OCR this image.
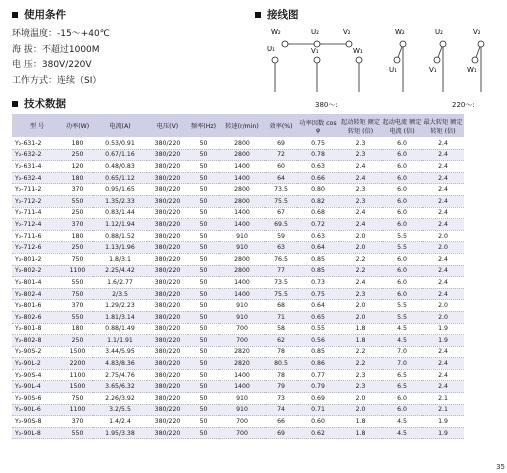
使用条件
环境温度：-15～+40℃
海 拔：不超过1000M
电 压：380V/220V
工作方式：连续（SI）
接线图
W₂	U₂	V₂
U₁	V₁	W₁
W₂	U₂	V₂
U₁	V₁	W₁
380～:	220～:
技术数据
型 号	功率(W)	电流(A)	电压(V)	频率(Hz)	转速(r/min)	效率(%)	功率因数 cos φ	起动转矩 额定转矩 (倍)	起动电流 额定电流 (倍)	最大转矩 额定转矩 (倍)
Y₂-631-2	180	0.53/0.91	380/220	50	2800	69	0.75	2.3	6.0	2.4
Y₂-632-2	250	0.67/1.16	380/220	50	2800	72	0.78	2.3	6.0	2.4
Y₂-631-4	120	0.48/0.83	380/220	50	1400	60	0.63	2.4	6.0	2.4
Y₂-632-4	180	0.65/1.12	380/220	50	1400	64	0.66	2.4	6.0	2.4
Y₂-711-2	370	0.95/1.65	380/220	50	2800	73.5	0.80	2.3	6.0	2.4
Y₂-712-2	550	1.35/2.33	380/220	50	2800	75.5	0.82	2.3	6.0	2.4
Y₂-711-4	250	0.83/1.44	380/220	50	1400	67	0.68	2.4	6.0	2.4
Y₂-712-4	370	1.12/1.94	380/220	50	1400	69.5	0.72	2.4	6.0	2.4
Y₂-711-6	180	0.88/1.52	380/220	50	910	59	0.63	2.0	5.5	2.0
Y₂-712-6	250	1.13/1.96	380/220	50	910	63	0.64	2.0	5.5	2.0
Y₂-801-2	750	1.8/3.1	380/220	50	2800	76.5	0.85	2.2	6.0	2.4
Y₂-802-2	1100	2.25/4.42	380/220	50	2800	77	0.85	2.2	6.0	2.4
Y₂-801-4	550	1.6/2.77	380/220	50	1400	73.5	0.73	2.4	6.0	2.4
Y₂-802-4	750	2/3.5	380/220	50	1400	75.5	0.75	2.3	6.0	2.4
Y₂-801-6	370	1.29/2.23	380/220	50	910	68	0.64	2.0	5.5	2.0
Y₂-802-6	550	1.81/3.14	380/220	50	910	71	0.65	2.0	5.5	2.0
Y₂-801-8	180	0.88/1.49	380/220	50	700	58	0.55	1.8	4.5	1.9
Y₂-802-8	250	1.1/1.91	380/220	50	700	62	0.56	1.8	4.5	1.9
Y₂-90S-2	1500	3.44/5.95	380/220	50	2820	78	0.85	2.2	7.0	2.4
Y₂-90L-2	2200	4.83/8.36	380/220	50	2820	80.5	0.86	2.2	7.0	2.4
Y₂-90S-4	1100	2.75/4.76	380/220	50	1400	78	0.77	2.3	6.5	2.4
Y₂-90L-4	1500	3.65/6.32	380/220	50	1400	79	0.79	2.3	6.5	2.4
Y₂-90S-6	750	2.26/3.92	380/220	50	910	73	0.69	2.0	6.0	2.1
Y₂-90L-6	1100	3.2/5.5	380/220	50	910	74	0.71	2.0	6.0	2.1
Y₂-90S-8	370	1.4/2.4	380/220	50	700	66	0.60	1.8	4.5	1.9
Y₂-90L-8	550	1.95/3.38	380/220	50	700	69	0.62	1.8	4.5	1.9
35
